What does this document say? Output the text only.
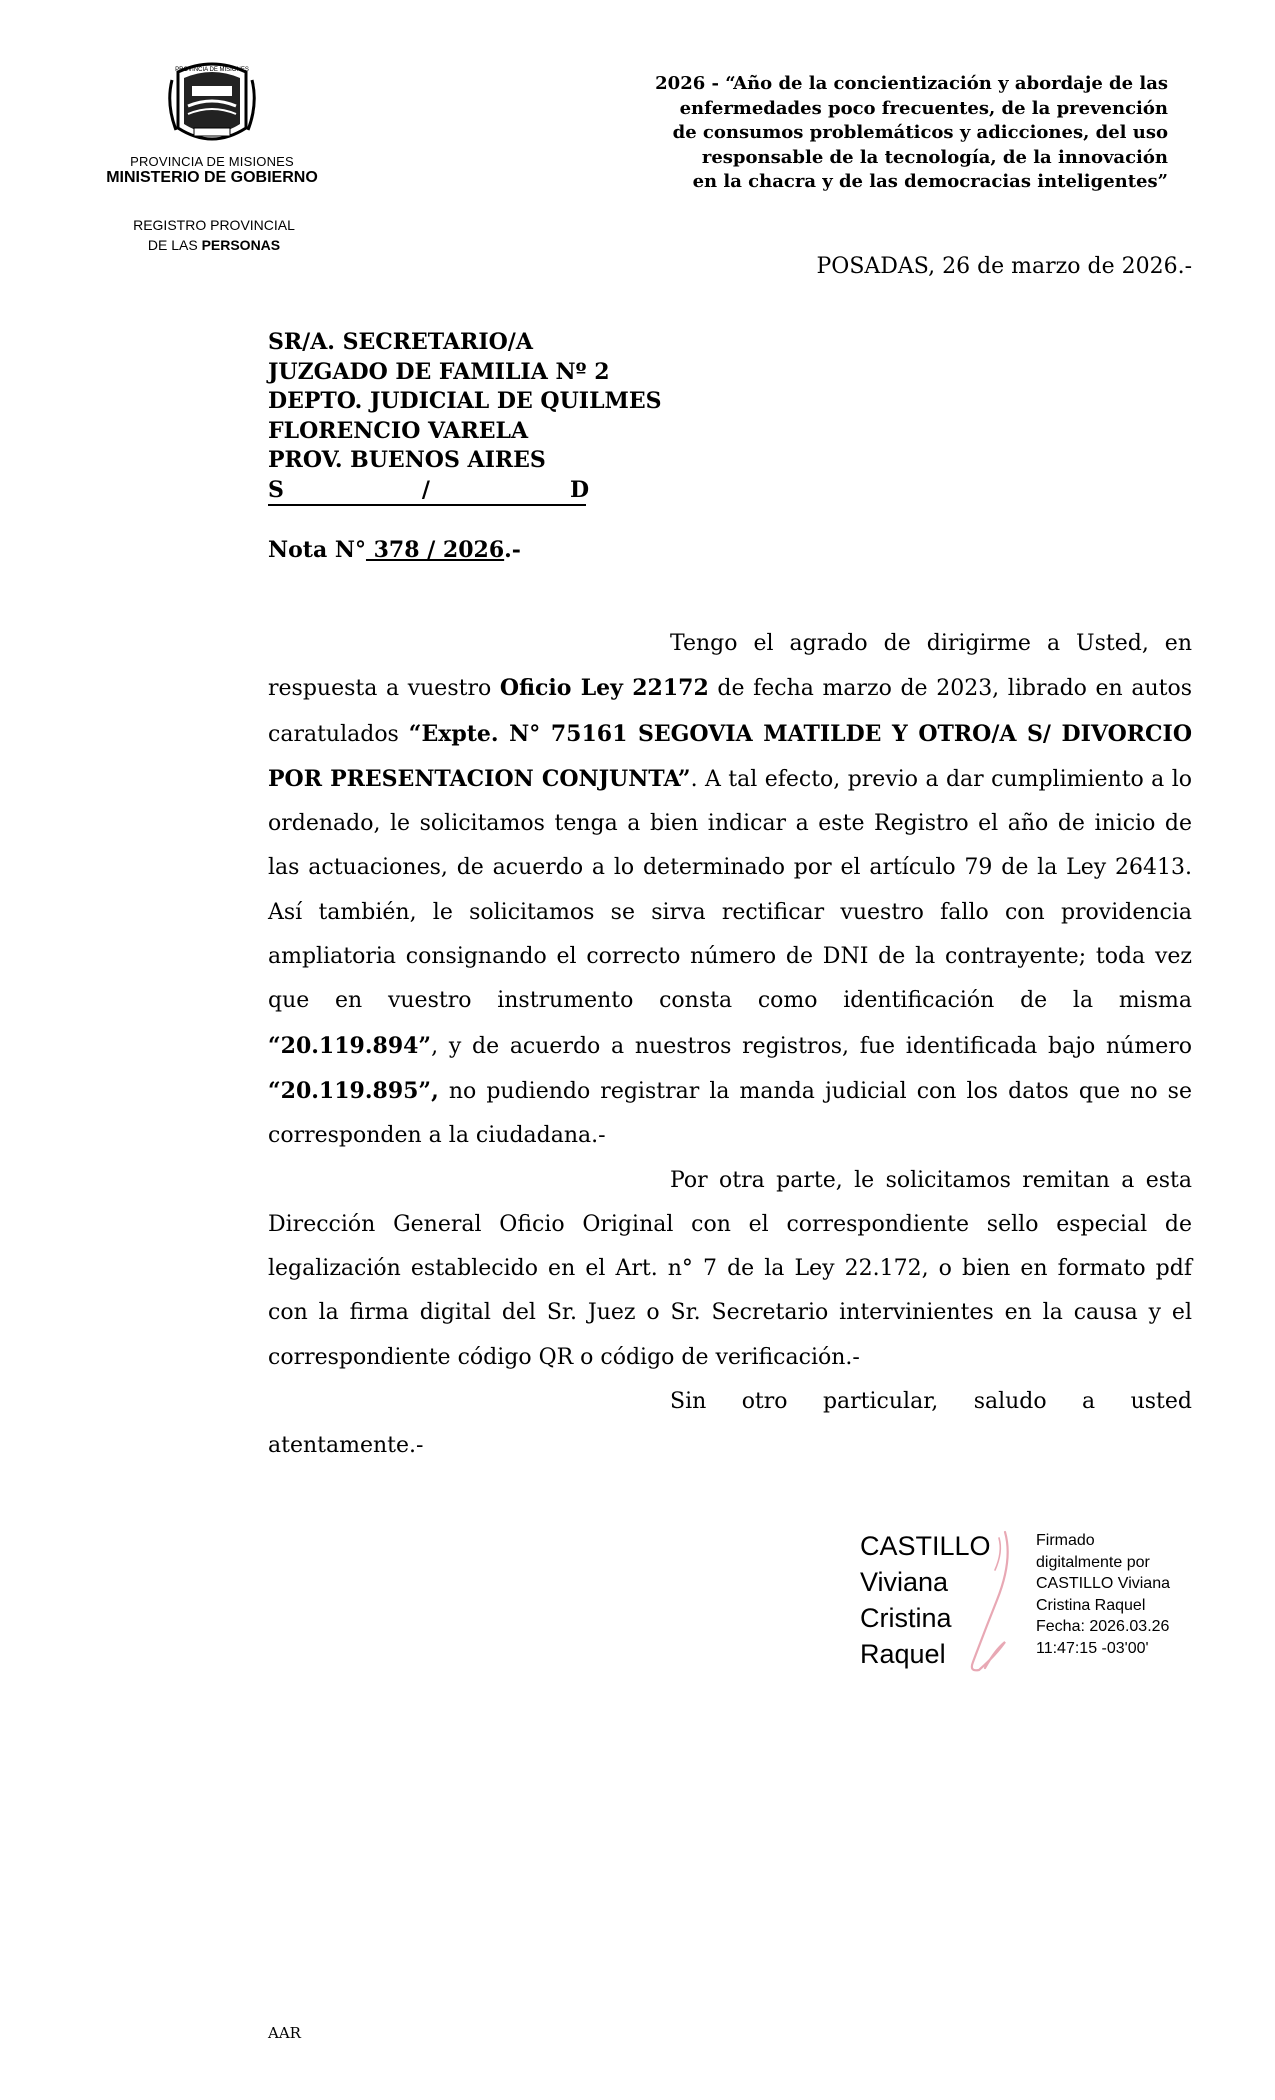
PROVINCIA DE MISIONES
PROVINCIA DE MISIONES
MINISTERIO DE GOBIERNO
REGISTRO PROVINCIAL
DE LAS PERSONAS
2026 - “Año de la concientización y abordaje de las
enfermedades poco frecuentes, de la prevención
de consumos problemáticos y adicciones, del uso
responsable de la tecnología, de la innovación
en la chacra y de las democracias inteligentes”
POSADAS, 26 de marzo de 2026.-
SR/A. SECRETARIO/A
JUZGADO DE FAMILIA Nº 2
DEPTO. JUDICIAL DE QUILMES
FLORENCIO VARELA
PROV. BUENOS AIRES
S	/	D
Nota N° 378 / 2026.-

Tengo el agrado de dirigirme a Usted, en respuesta a vuestro Oficio Ley 22172 de fecha marzo de 2023, librado en autos caratulados “Expte. N° 75161 SEGOVIA MATILDE Y OTRO/A S/ DIVORCIO POR PRESENTACION CONJUNTA”. A tal efecto, previo a dar cumplimiento a lo ordenado, le solicitamos tenga a bien indicar a este Registro el año de inicio de las actuaciones, de acuerdo a lo determinado por el artículo 79 de la Ley 26413. Así también, le solicitamos se sirva rectificar vuestro fallo con providencia ampliatoria consignando el correcto número de DNI de la contrayente; toda vez que en vuestro instrumento consta como identificación de la misma “20.119.894”, y de acuerdo a nuestros registros, fue identificada bajo número “20.119.895”, no pudiendo registrar la manda judicial con los datos que no se corresponden a la ciudadana.-

Por otra parte, le solicitamos remitan a esta Dirección General Oficio Original con el correspondiente sello especial de legalización establecido en el Art. n° 7 de la Ley 22.172, o bien en formato pdf con la firma digital del Sr. Juez o Sr. Secretario intervinientes en la causa y el correspondiente código QR o código de verificación.-

Sin otro particular, saludo a usted atentamente.-

CASTILLO
Viviana
Cristina
Raquel
Firmado
digitalmente por
CASTILLO Viviana
Cristina Raquel
Fecha: 2026.03.26
11:47:15 -03'00'
AAR
